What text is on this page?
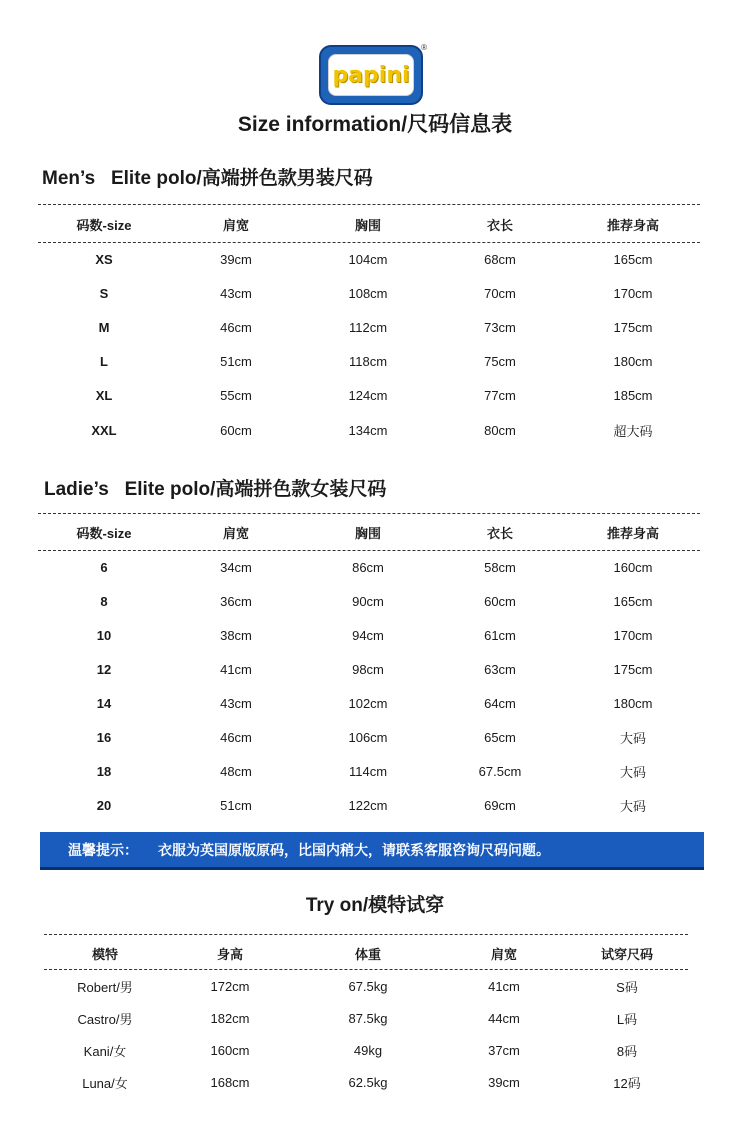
papini
®
Size information/尺码信息表
Men’s   Elite polo/高端拼色款男装尺码
码数-size	肩宽	胸围	衣长	推荐身高
XS	39cm	104cm	68cm	165cm
S	43cm	108cm	70cm	170cm
M	46cm	112cm	73cm	175cm
L	51cm	118cm	75cm	180cm
XL	55cm	124cm	77cm	185cm
XXL	60cm	134cm	80cm	超大码
Ladie’s   Elite polo/高端拼色款女装尺码
码数-size	肩宽	胸围	衣长	推荐身高
6	34cm	86cm	58cm	160cm
8	36cm	90cm	60cm	165cm
10	38cm	94cm	61cm	170cm
12	41cm	98cm	63cm	175cm
14	43cm	102cm	64cm	180cm
16	46cm	106cm	65cm	大码
18	48cm	114cm	67.5cm	大码
20	51cm	122cm	69cm	大码
温馨提示： 衣服为英国原版原码，比国内稍大，请联系客服咨询尺码问题。
Try on/模特试穿
模特	身高	体重	肩宽	试穿尺码
Robert/男	172cm	67.5kg	41cm	S码
Castro/男	182cm	87.5kg	44cm	L码
Kani/女	160cm	49kg	37cm	8码
Luna/女	168cm	62.5kg	39cm	12码
